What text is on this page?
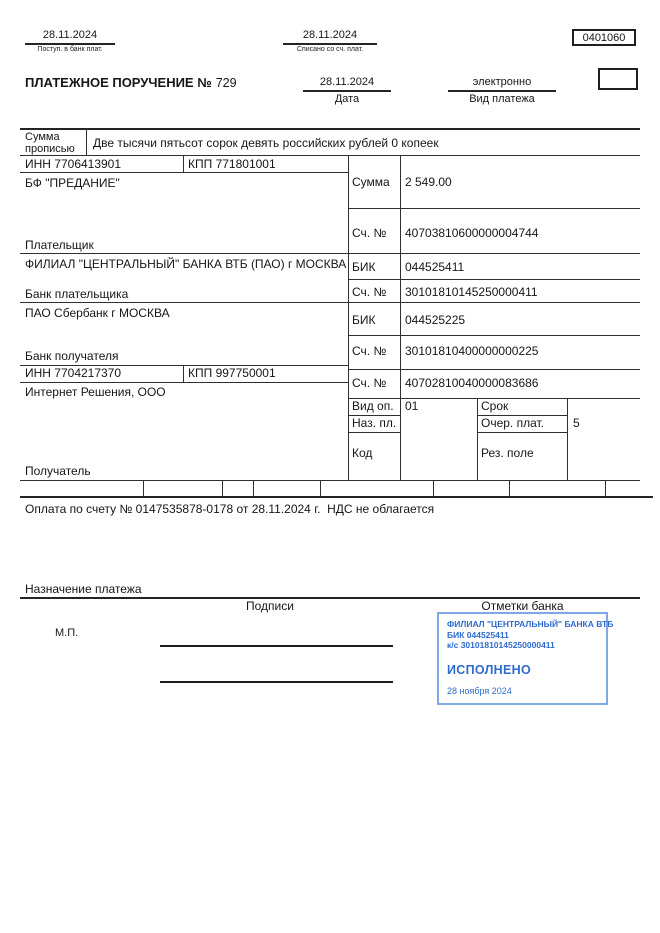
28.11.2024
Поступ. в банк плат.
28.11.2024
Списано со сч. плат.
0401060
ПЛАТЕЖНОЕ ПОРУЧЕНИЕ № 729	28.11.2024
Дата
электронно
Вид платежа
Сумма прописью	Две тысячи пятьсот сорок девять российских рублей 0 копеек
ИНН 7706413901	КПП 771801001
БФ "ПРЕДАНИЕ"
Плательщик
Сумма 2 549.00
Сч. № 40703810600000004744
ФИЛИАЛ "ЦЕНТРАЛЬНЫЙ" БАНКА ВТБ (ПАО) г МОСКВА
Банк плательщика
БИК 044525411
Сч. № 30101810145250000411
ПАО Сбербанк г МОСКВА
Банк получателя
БИК 044525225
Сч. № 30101810400000000225
ИНН 7704217370	КПП 997750001
Интернет Решения, ООО
Получатель
Сч. № 40702810040000083686
Вид оп. 01
Наз. пл.
Код
Срок
Очер. плат. 5
Рез. поле
Оплата по счету № 0147535878-0178 от 28.11.2024 г.  НДС не облагается
Назначение платежа
Подписи	Отметки банка
М.П.
ФИЛИАЛ "ЦЕНТРАЛЬНЫЙ" БАНКА ВТБ
БИК 044525411
к/с 30101810145250000411
ИСПОЛНЕНО
28 ноября 2024
